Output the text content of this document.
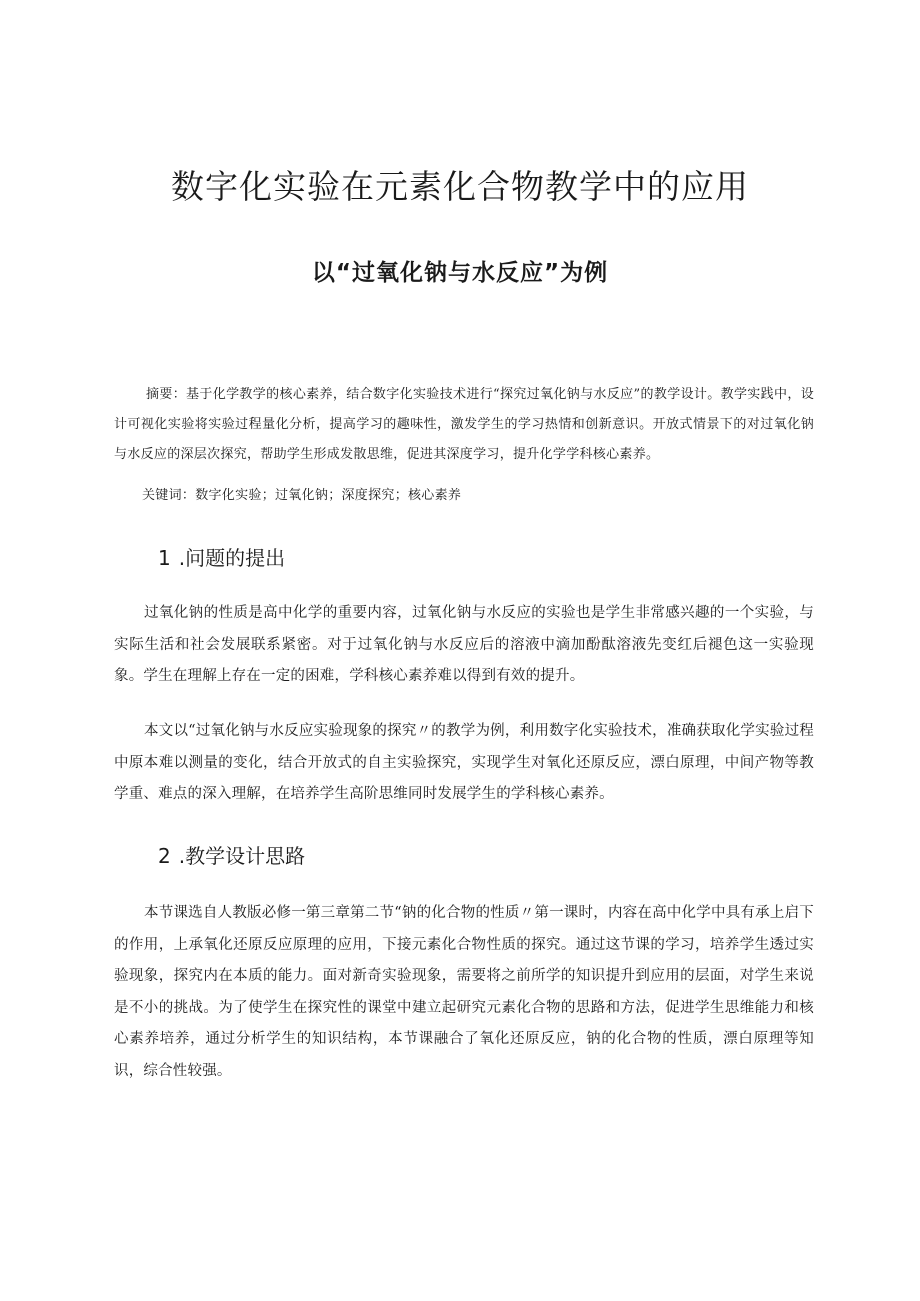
数字化实验在元素化合物教学中的应用
以“过氧化钠与水反应”为例

摘要：基于化学教学的核心素养，结合数字化实验技术进行“探究过氧化钠与水反应”的教学设计。教学实践中，设计可视化实验将实验过程量化分析，提高学习的趣味性，激发学生的学习热情和创新意识。开放式情景下的对过氧化钠与水反应的深层次探究，帮助学生形成发散思维，促进其深度学习，提升化学学科核心素养。

关键词：数字化实验；过氧化钠；深度探究；核心素养

1 .问题的提出

过氧化钠的性质是高中化学的重要内容，过氧化钠与水反应的实验也是学生非常感兴趣的一个实验，与实际生活和社会发展联系紧密。对于过氧化钠与水反应后的溶液中滴加酚酞溶液先变红后褪色这一实验现象。学生在理解上存在一定的困难，学科核心素养难以得到有效的提升。

本文以“过氧化钠与水反应实验现象的探究〃的教学为例，利用数字化实验技术，准确获取化学实验过程中原本难以测量的变化，结合开放式的自主实验探究，实现学生对氧化还原反应，漂白原理，中间产物等教学重、难点的深入理解，在培养学生高阶思维同时发展学生的学科核心素养。

2 .教学设计思路

本节课选自人教版必修一第三章第二节“钠的化合物的性质〃第一课时，内容在高中化学中具有承上启下的作用，上承氧化还原反应原理的应用，下接元素化合物性质的探究。通过这节课的学习，培养学生透过实验现象，探究内在本质的能力。面对新奇实验现象，需要将之前所学的知识提升到应用的层面，对学生来说是不小的挑战。为了使学生在探究性的课堂中建立起研究元素化合物的思路和方法，促进学生思维能力和核心素养培养，通过分析学生的知识结构，本节课融合了氧化还原反应，钠的化合物的性质，漂白原理等知识，综合性较强。
